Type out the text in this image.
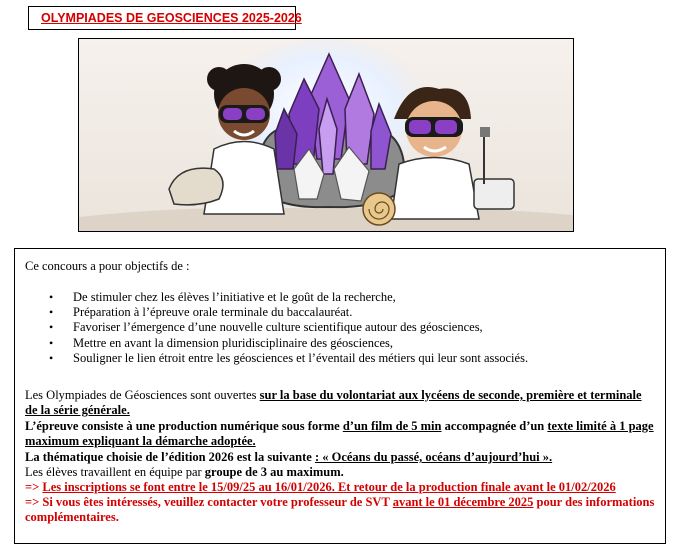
OLYMPIADES DE GEOSCIENCES 2025-2026
Ce concours a pour objectifs de :
• De stimuler chez les élèves l’initiative et le goût de la recherche,
• Préparation à l’épreuve orale terminale du baccalauréat.
• Favoriser l’émergence d’une nouvelle culture scientifique autour des géosciences,
• Mettre en avant la dimension pluridisciplinaire des géosciences,
• Souligner le lien étroit entre les géosciences et l’éventail des métiers qui leur sont associés.
Les Olympiades de Géosciences sont ouvertes sur la base du volontariat aux lycéens de seconde, première et terminale de la série générale.
L’épreuve consiste à une production numérique sous forme d’un film de 5 min accompagnée d’un texte limité à 1 page maximum expliquant la démarche adoptée.
La thématique choisie de l’édition 2026 est la suivante : « Océans du passé, océans d’aujourd’hui ».
Les élèves travaillent en équipe par groupe de 3 au maximum.
=> Les inscriptions se font entre le 15/09/25 au 16/01/2026. Et retour de la production finale avant le 01/02/2026
=> Si vous êtes intéressés, veuillez contacter votre professeur de SVT avant le 01 décembre 2025 pour des informations complémentaires.
